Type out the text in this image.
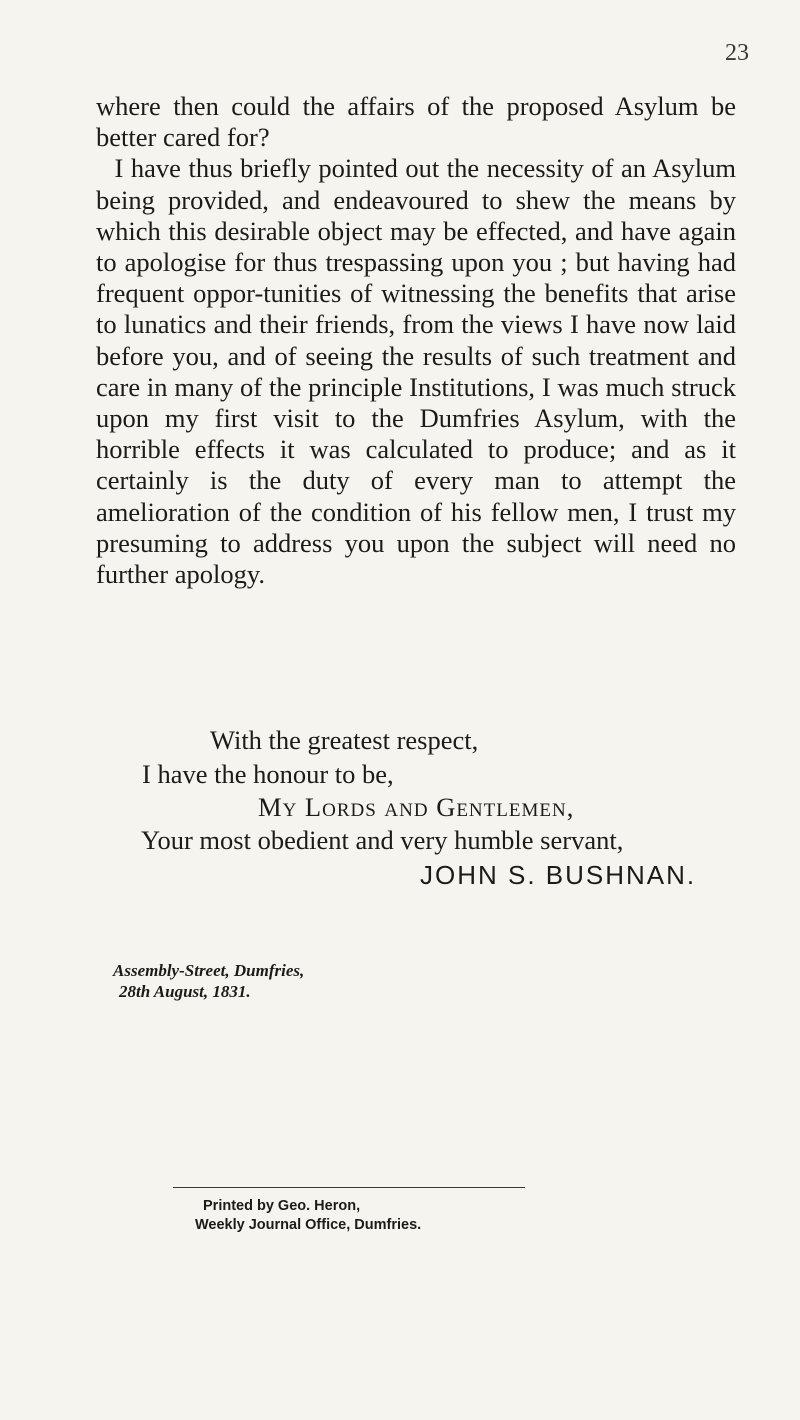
23

where then could the affairs of the proposed Asylum be better cared for?

I have thus briefly pointed out the necessity of an Asylum being provided, and endeavoured to shew the means by which this desirable object may be effected, and have again to apologise for thus trespassing upon you ; but having had frequent oppor-tunities of witnessing the benefits that arise to lunatics and their friends, from the views I have now laid before you, and of seeing the results of such treatment and care in many of the principle Institutions, I was much struck upon my first visit to the Dumfries Asylum, with the horrible effects it was calculated to produce; and as it certainly is the duty of every man to attempt the amelioration of the condition of his fellow men, I trust my presuming to address you upon the subject will need no further apology.

With the greatest respect,
I have the honour to be,
My Lords and Gentlemen,
Your most obedient and very humble servant,
JOHN S. BUSHNAN.
Assembly-Street, Dumfries,
28th August, 1831.
Printed by Geo. Heron,
Weekly Journal Office, Dumfries.
